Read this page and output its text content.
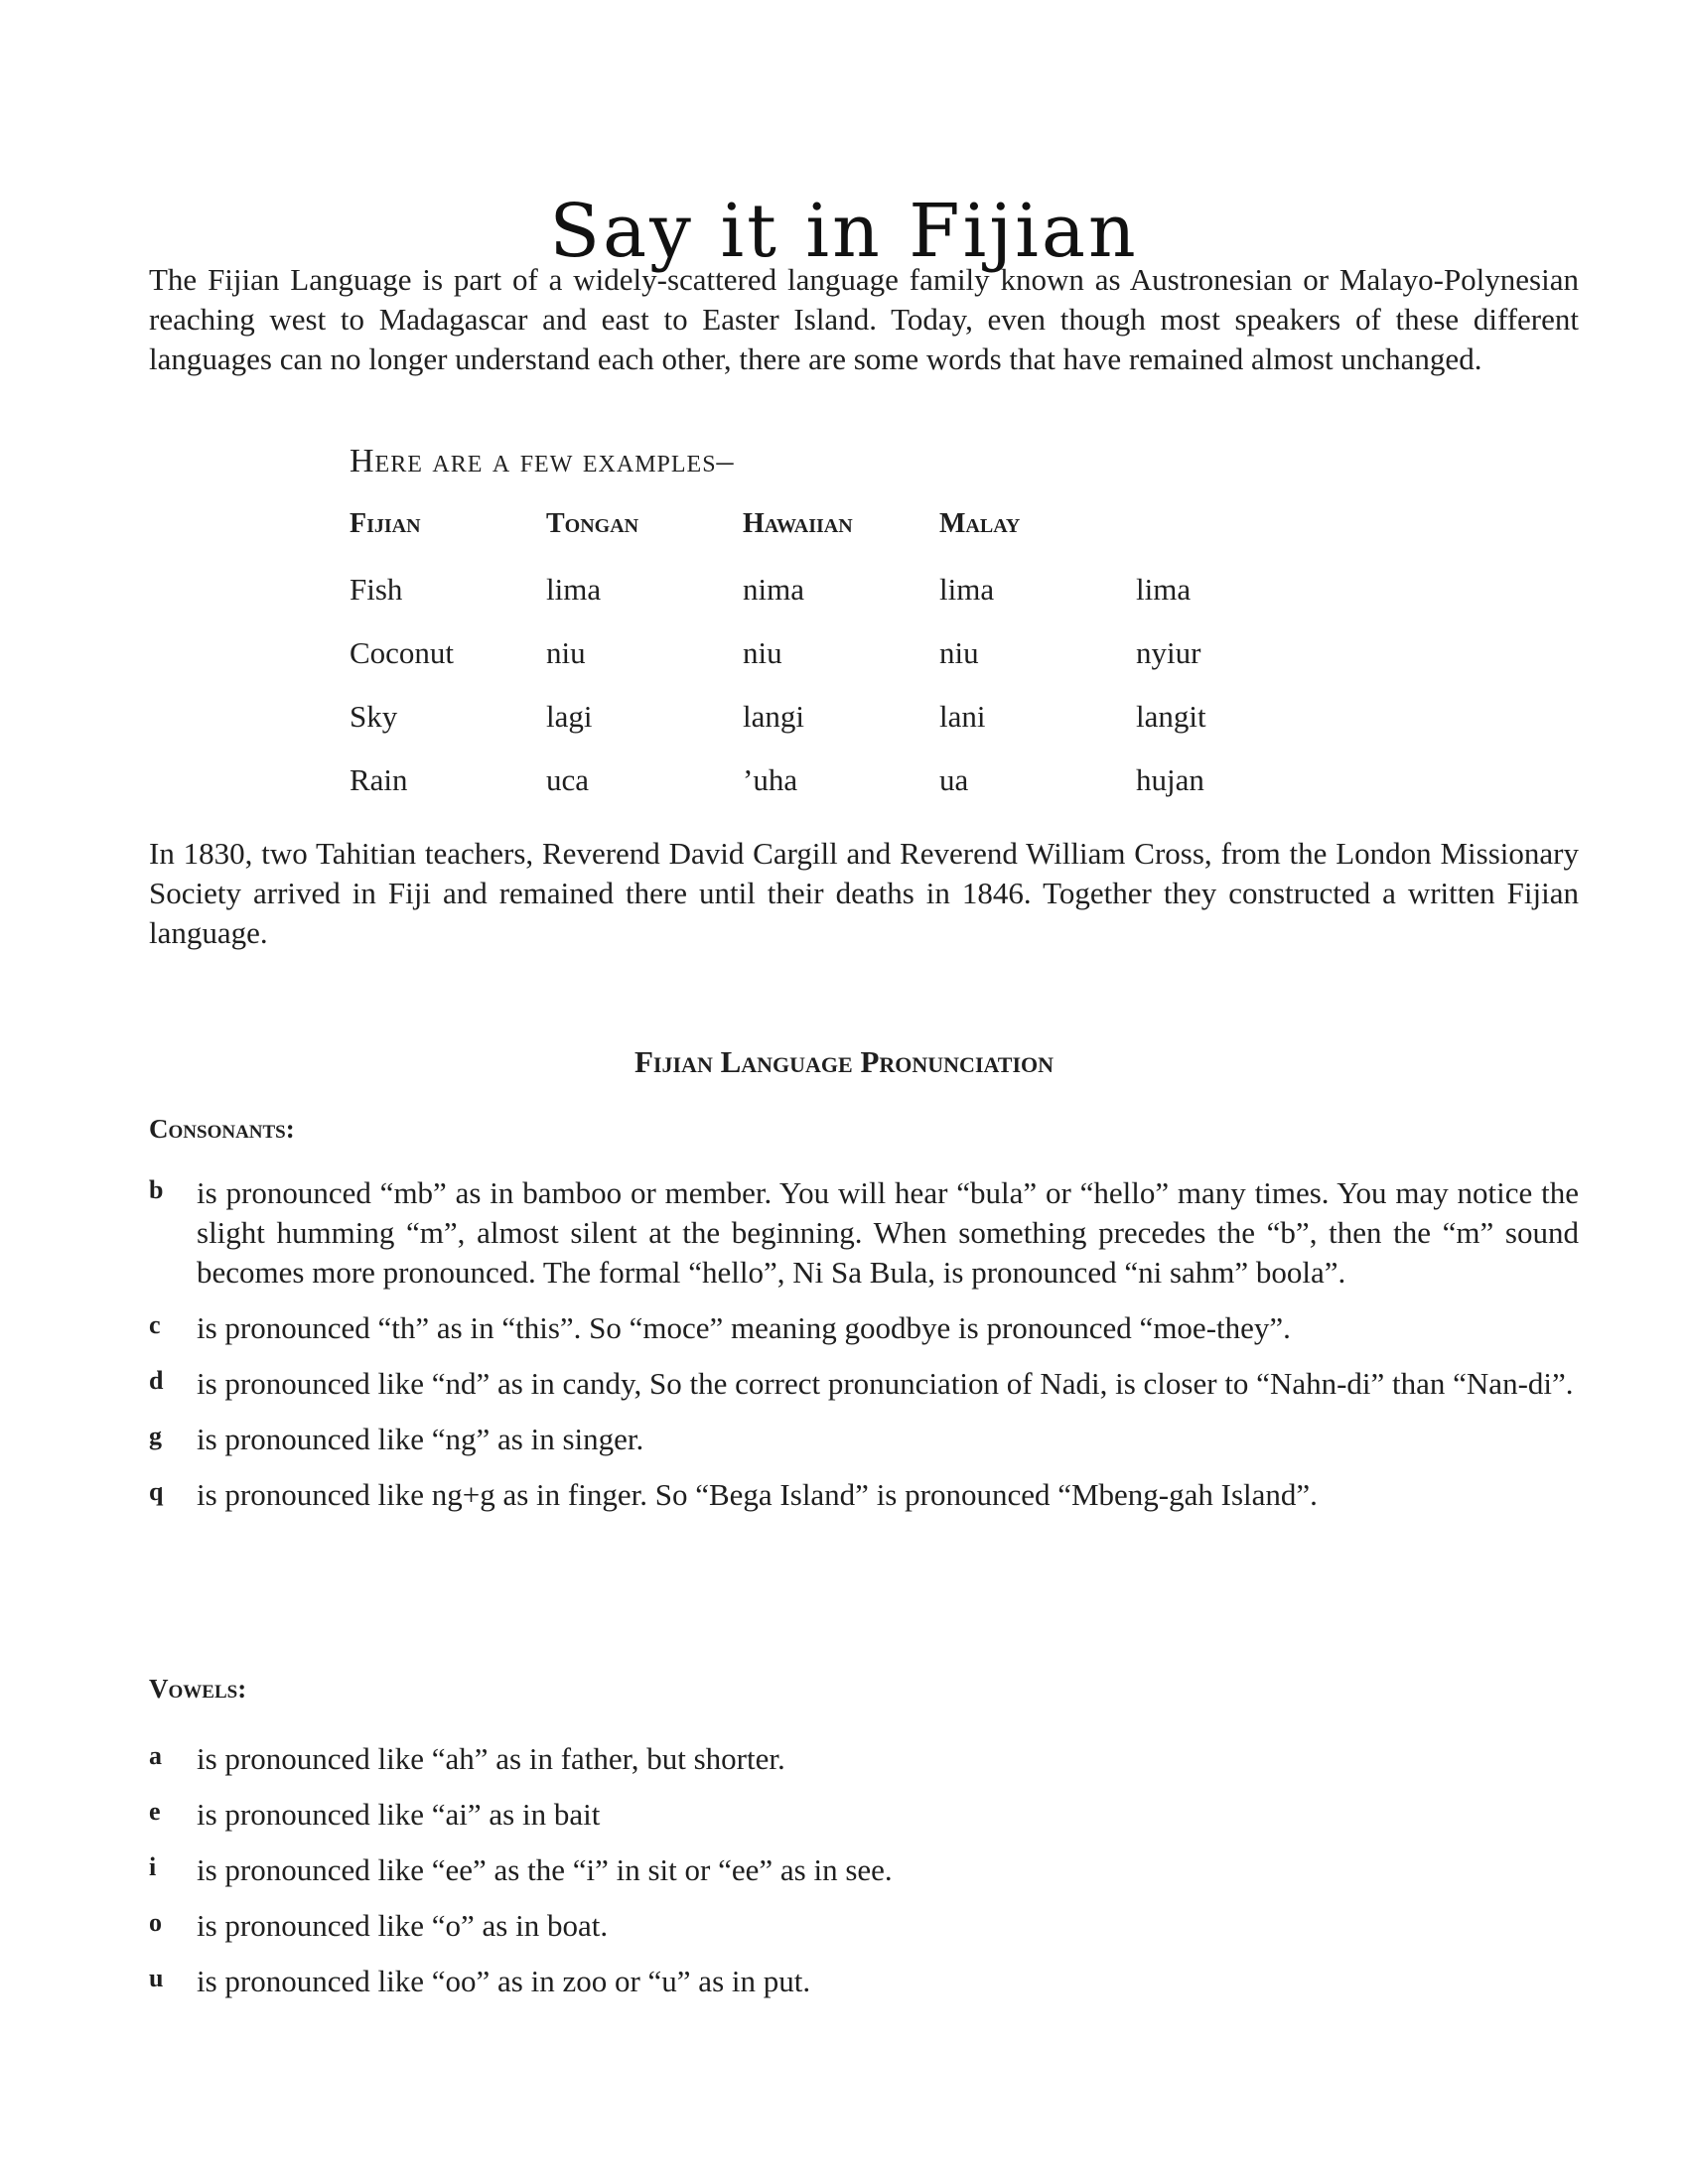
Say it in Fijian

The Fijian Language is part of a widely-scattered language family known as Austronesian or Malayo-Polynesian reaching west to Madagascar and east to Easter Island. Today, even though most speakers of these different languages can no longer understand each other, there are some words that have remained almost unchanged.

Here are a few examples–
Fijian	Tongan	Hawaiian	Malay
Fish	lima	nima	lima	lima
Coconut	niu	niu	niu	nyiur
Sky	lagi	langi	lani	langit
Rain	uca	’uha	ua	hujan

In 1830, two Tahitian teachers, Reverend David Cargill and Reverend William Cross, from the London Missionary Society arrived in Fiji and remained there until their deaths in 1846. Together they constructed a written Fijian language.

Fijian Language Pronunciation
Consonants:
b is pronounced “mb” as in bamboo or member. You will hear “bula” or “hello” many times. You may notice the slight humming “m”, almost silent at the beginning. When something precedes the “b”, then the “m” sound becomes more pronounced. The formal “hello”, Ni Sa Bula, is pronounced “ni sahm” boola”.
c is pronounced “th” as in “this”. So “moce” meaning goodbye is pronounced “moe-they”.
d is pronounced like “nd” as in candy, So the correct pronunciation of Nadi, is closer to “Nahn-di” than “Nan-di”.
g is pronounced like “ng” as in singer.
q is pronounced like ng+g as in finger. So “Bega Island” is pronounced “Mbeng-gah Island”.
Vowels:
a is pronounced like “ah” as in father, but shorter.
e is pronounced like “ai” as in bait
i is pronounced like “ee” as the “i” in sit or “ee” as in see.
o is pronounced like “o” as in boat.
u is pronounced like “oo” as in zoo or “u” as in put.
